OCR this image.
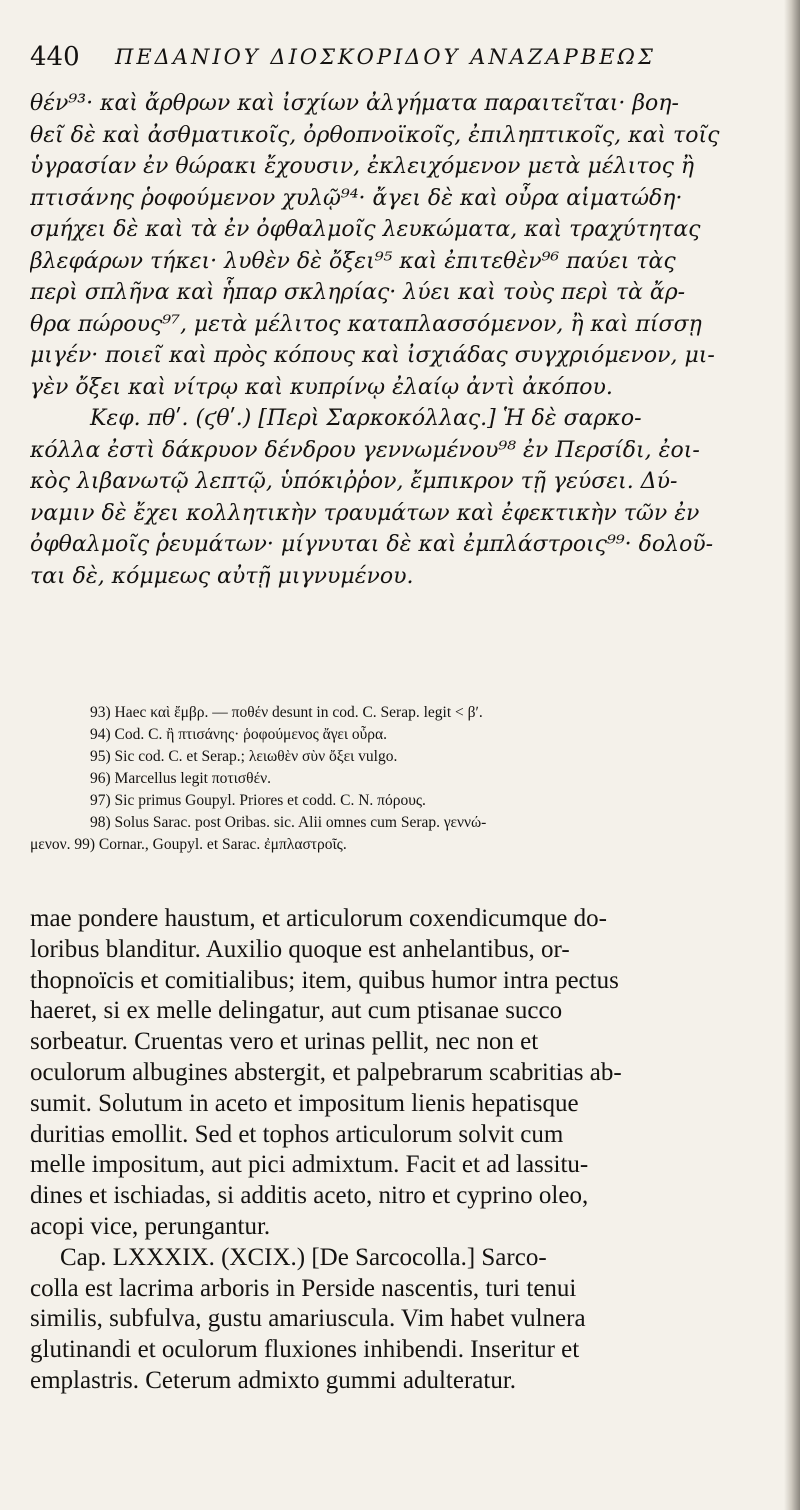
440 ΠΕΔΑΝΙΟΥ ΔΙΟΣΚΟΡΙΔΟΥ ΑΝΑΖΑΡΒΕΩΣ
θέν⁹³· καὶ ἄρθρων καὶ ἰσχίων ἀλγήματα παραιτεῖται· βοη-
θεῖ δὲ καὶ ἀσθματικοῖς, ὀρθοπνοϊκοῖς, ἐπιληπτικοῖς, καὶ τοῖς
ὑγρασίαν ἐν θώρακι ἔχουσιν, ἐκλειχόμενον μετὰ μέλιτος ἢ
πτισάνης ῥοφούμενον χυλῷ⁹⁴· ἄγει δὲ καὶ οὖρα αἱματώδη·
σμήχει δὲ καὶ τὰ ἐν ὀφθαλμοῖς λευκώματα, καὶ τραχύτητας
βλεφάρων τήκει· λυθὲν δὲ ὄξει⁹⁵ καὶ ἐπιτεθὲν⁹⁶ παύει τὰς
περὶ σπλῆνα καὶ ἧπαρ σκληρίας· λύει καὶ τοὺς περὶ τὰ ἄρ-
θρα πώρους⁹⁷, μετὰ μέλιτος καταπλασσόμενον, ἢ καὶ πίσσῃ
μιγέν· ποιεῖ καὶ πρὸς κόπους καὶ ἰσχιάδας συγχριόμενον, μι-
γὲν ὄξει καὶ νίτρῳ καὶ κυπρίνῳ ἐλαίῳ ἀντὶ ἀκόπου.
Κεφ. πθʹ. (ϛθʹ.) [Περὶ Σαρκοκόλλας.] Ἡ δὲ σαρκο-
κόλλα ἐστὶ δάκρυον δένδρου γεννωμένου⁹⁸ ἐν Περσίδι, ἐοι-
κὸς λιβανωτῷ λεπτῷ, ὑπόκιῤῥον, ἔμπικρον τῇ γεύσει. Δύ-
ναμιν δὲ ἔχει κολλητικὴν τραυμάτων καὶ ἐφεκτικὴν τῶν ἐν
ὀφθαλμοῖς ῥευμάτων· μίγνυται δὲ καὶ ἐμπλάστροις⁹⁹· δολοῦ-
ται δὲ, κόμμεως αὐτῇ μιγνυμένου.
93) Haec καὶ ἔμβρ. — ποθέν desunt in cod. C. Serap. legit < βʹ.
94) Cod. C. ἢ πτισάνης· ῥοφούμενος ἄγει οὖρα.
95) Sic cod. C. et Serap.; λειωθὲν σὺν ὄξει vulgo.
96) Marcellus legit ποτισθέν.
97) Sic primus Goupyl. Priores et codd. C. N. πόρους.
98) Solus Sarac. post Oribas. sic. Alii omnes cum Serap. γεννώ-
μενον. 99) Cornar., Goupyl. et Sarac. ἐμπλαστροῖς.
mae pondere haustum, et articulorum coxendicumque do-
loribus blanditur. Auxilio quoque est anhelantibus, or-
thopnoïcis et comitialibus; item, quibus humor intra pectus
haeret, si ex melle delingatur, aut cum ptisanae succo
sorbeatur. Cruentas vero et urinas pellit, nec non et
oculorum albugines abstergit, et palpebrarum scabritias ab-
sumit. Solutum in aceto et impositum lienis hepatisque
duritias emollit. Sed et tophos articulorum solvit cum
melle impositum, aut pici admixtum. Facit et ad lassitu-
dines et ischiadas, si additis aceto, nitro et cyprino oleo,
acopi vice, perungantur.
Cap. LXXXIX. (XCIX.) [De Sarcocolla.] Sarco-
colla est lacrima arboris in Perside nascentis, turi tenui
similis, subfulva, gustu amariuscula. Vim habet vulnera
glutinandi et oculorum fluxiones inhibendi. Inseritur et
emplastris. Ceterum admixto gummi adulteratur.
